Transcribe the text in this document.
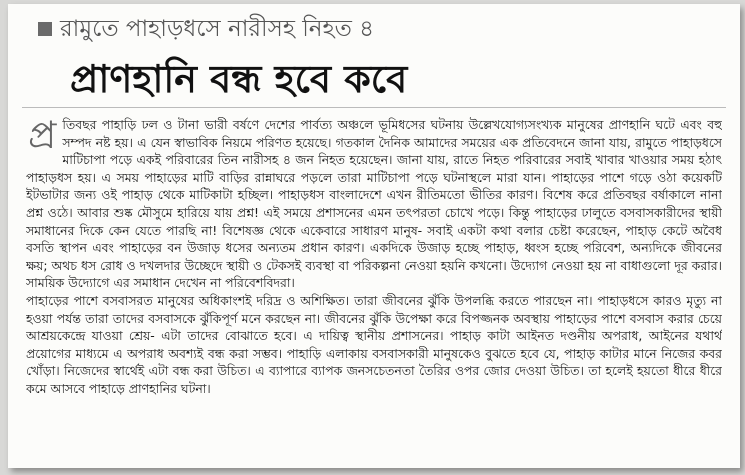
রামুতে পাহাড়ধসে নারীসহ নিহত ৪
প্রাণহানি বন্ধ হবে কবে

প্র তিবছর পাহাড়ি ঢল ও টানা ভারী বর্ষণে দেশের পার্বত্য অঞ্চলে ভূমিধসের ঘটনায় উল্লেখযোগ্যসংখ্যক মানুষের প্রাণহানি ঘটে এবং বহু সম্পদ নষ্ট হয়। এ যেন স্বাভাবিক নিয়মে পরিণত হয়েছে। গতকাল দৈনিক আমাদের সময়ের এক প্রতিবেদনে জানা যায়, রামুতে পাহাড়ধসে মাটিচাপা পড়ে একই পরিবারের তিন নারীসহ ৪ জন নিহত হয়েছেন। জানা যায়, রাতে নিহত পরিবারের সবাই খাবার খাওয়ার সময় হঠাৎ পাহাড়ধস হয়। এ সময় পাহাড়ের মাটি বাড়ির রান্নাঘরে পড়লে তারা মাটিচাপা পড়ে ঘটনাস্থলে মারা যান। পাহাড়ের পাশে গড়ে ওঠা কয়েকটি ইটভাটার জন্য ওই পাহাড় থেকে মাটিকাটা হচ্ছিল। পাহাড়ধস বাংলাদেশে এখন রীতিমতো ভীতির কারণ। বিশেষ করে প্রতিবছর বর্ষাকালে নানা প্রশ্ন ওঠে। আবার শুষ্ক মৌসুমে হারিয়ে যায় প্রশ্ন! এই সময়ে প্রশাসনের এমন তৎপরতা চোখে পড়ে। কিন্তু পাহাড়ের ঢালুতে বসবাসকারীদের স্থায়ী সমাধানের দিকে কেন যেতে পারছি না! বিশেষজ্ঞ থেকে একেবারে সাধারণ মানুষ- সবাই একটা কথা বলার চেষ্টা করেছেন, পাহাড় কেটে অবৈধ বসতি স্থাপন এবং পাহাড়ের বন উজাড় ধসের অন্যতম প্রধান কারণ। একদিকে উজাড় হচ্ছে পাহাড়, ধ্বংস হচ্ছে পরিবেশ, অন্যদিকে জীবনের ক্ষয়; অথচ ধস রোধ ও দখলদার উচ্ছেদে স্থায়ী ও টেকসই ব্যবস্থা বা পরিকল্পনা নেওয়া হয়নি কখনো। উদ্যোগ নেওয়া হয় না বাধাগুলো দূর করার। সাময়িক উদ্যোগে এর সমাধান দেখেন না পরিবেশবিদরা।

পাহাড়ের পাশে বসবাসরত মানুষের অধিকাংশই দরিদ্র ও অশিক্ষিত। তারা জীবনের ঝুঁকি উপলব্ধি করতে পারছেন না। পাহাড়ধসে কারও মৃত্যু না হওয়া পর্যন্ত তারা তাদের বসবাসকে ঝুঁকিপূর্ণ মনে করছেন না। জীবনের ঝুঁকি উপেক্ষা করে বিপজ্জনক অবস্থায় পাহাড়ের পাশে বসবাস করার চেয়ে আশ্রয়কেন্দ্রে যাওয়া শ্রেয়- এটা তাদের বোঝাতে হবে। এ দায়িত্ব স্থানীয় প্রশাসনের। পাহাড় কাটা আইনত দণ্ডনীয় অপরাধ, আইনের যথার্থ প্রয়োগের মাধ্যমে এ অপরাধ অবশ্যই বন্ধ করা সম্ভব। পাহাড়ি এলাকায় বসবাসকারী মানুষকেও বুঝতে হবে যে, পাহাড় কাটার মানে নিজের কবর খোঁড়া। নিজেদের স্বার্থেই এটা বন্ধ করা উচিত। এ ব্যাপারে ব্যাপক জনসচেতনতা তৈরির ওপর জোর দেওয়া উচিত। তা হলেই হয়তো ধীরে ধীরে কমে আসবে পাহাড়ে প্রাণহানির ঘটনা।
